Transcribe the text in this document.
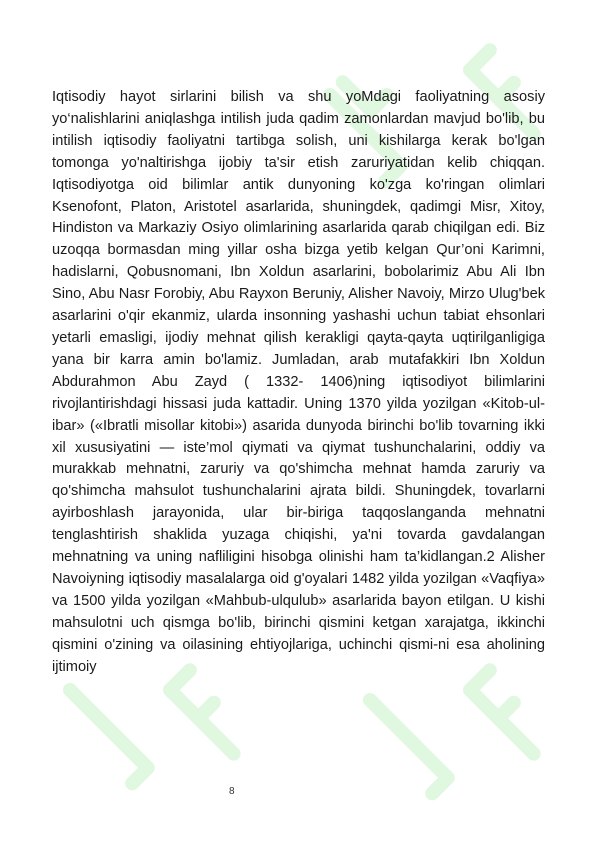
Iqtisodiy hayot sirlarini bilish va shu yoMdagi faoliyatning asosiy yo‘nalishlarini aniqlashga intilish juda qadim zamonlardan mavjud bo'lib, bu intilish iqtisodiy faoliyatni tartibga solish, uni kishilarga kerak bo'lgan tomonga yo'naltirishga ijobiy ta'sir etish zaruriyatidan kelib chiqqan. Iqtisodiyotga oid bilimlar antik dunyoning ko'zga ko'ringan olimlari Ksenofont, Platon, Aristotel asarlarida, shuningdek, qadimgi Misr, Xitoy, Hindiston va Markaziy Osiyo olimlarining asarlarida qarab chiqilgan edi. Biz uzoqqa bormasdan ming yillar osha bizga yetib kelgan Qur’oni Karimni, hadislarni, Qobusnomani, Ibn Xoldun asarlarini, bobolarimiz Abu Ali Ibn Sino, Abu Nasr Forobiy, Abu Rayxon Beruniy, Alisher Navoiy, Mirzo Ulug'bek asarlarini o'qir ekanmiz, ularda insonning yashashi uchun tabiat ehsonlari yetarli emasligi, ijodiy mehnat qilish kerakligi qayta-qayta uqtirilganligiga yana bir karra amin bo'lamiz. Jumladan, arab mutafakkiri Ibn Xoldun Abdurahmon Abu Zayd ( 1332- 1406)ning iqtisodiyot bilimlarini rivojlantirishdagi hissasi juda kattadir. Uning 1370 yilda yozilgan «Kitob-ul-ibar» («Ibratli misollar kitobi») asarida dunyoda birinchi bo'lib tovarning ikki xil xususiyatini — iste’mol qiymati va qiymat tushunchalarini, oddiy va murakkab mehnatni, zaruriy va qo'shimcha mehnat hamda zaruriy va qo'shimcha mahsulot tushunchalarini ajrata bildi. Shuningdek, tovarlarni ayirboshlash jarayonida, ular bir-biriga taqqoslanganda mehnatni tenglashtirish shaklida yuzaga chiqishi, ya'ni tovarda gavdalangan mehnatning va uning nafliligini hisobga olinishi ham ta’kidlangan.2 Alisher Navoiyning iqtisodiy masalalarga oid g'oyalari 1482 yilda yozilgan «Vaqfiya» va 1500 yilda yozilgan «Mahbub-ulqulub» asarlarida bayon etilgan. U kishi mahsulotni uch qismga bo'lib, birinchi qismini ketgan xarajatga, ikkinchi qismini o'zining va oilasining ehtiyojlariga, uchinchi qismi-ni esa aholining ijtimoiy

8
